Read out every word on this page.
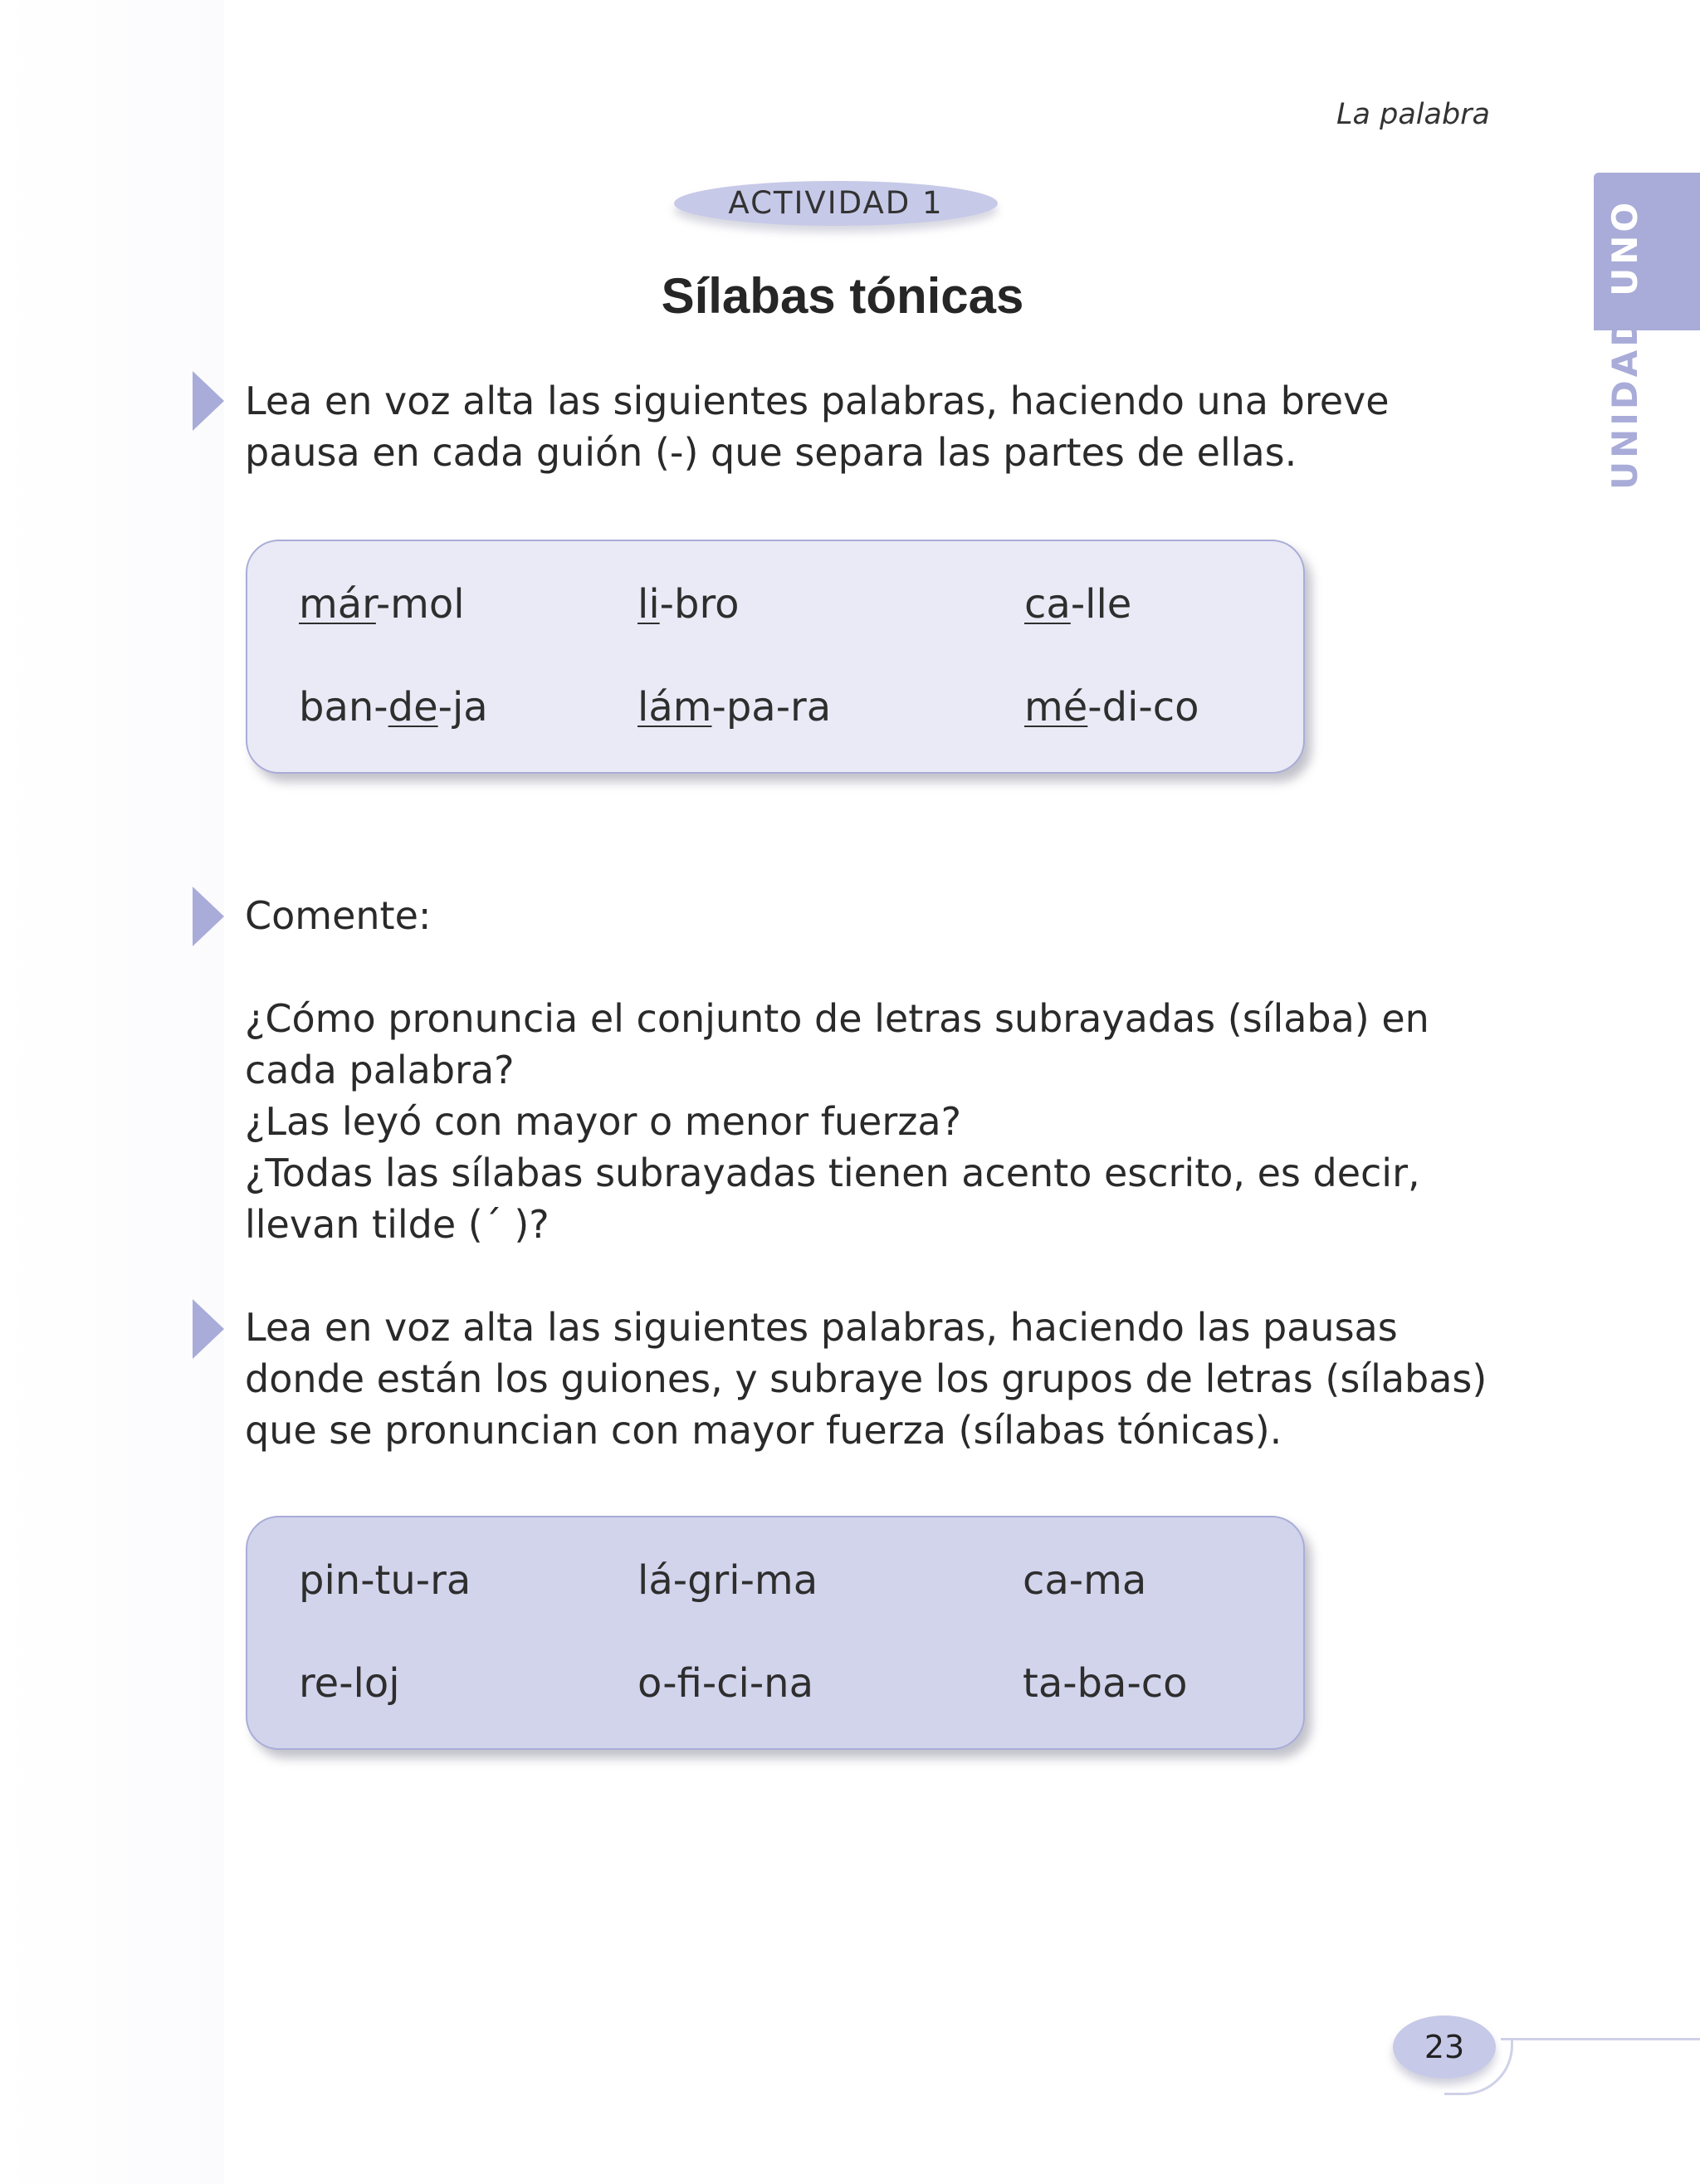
La palabra
UNIDADUNO
ACTIVIDAD 1
Sílabas tónicas

Lea en voz alta las siguientes palabras, haciendo una breve pausa en cada guión (-) que separa las partes de ellas.

már-mol	li-bro	ca-lle
ban-de-ja	lám-pa-ra	mé-di-co

Comente:

¿Cómo pronuncia el conjunto de letras subrayadas (sílaba) en cada palabra?

¿Las leyó con mayor o menor fuerza?

¿Todas las sílabas subrayadas tienen acento escrito, es decir, llevan tilde (´ )?

Lea en voz alta las siguientes palabras, haciendo las pausas donde están los guiones, y subraye los grupos de letras (sílabas) que se pronuncian con mayor fuerza (sílabas tónicas).

pin-tu-ra	lá-gri-ma	ca-ma
re-loj	o-fi-ci-na	ta-ba-co
23
